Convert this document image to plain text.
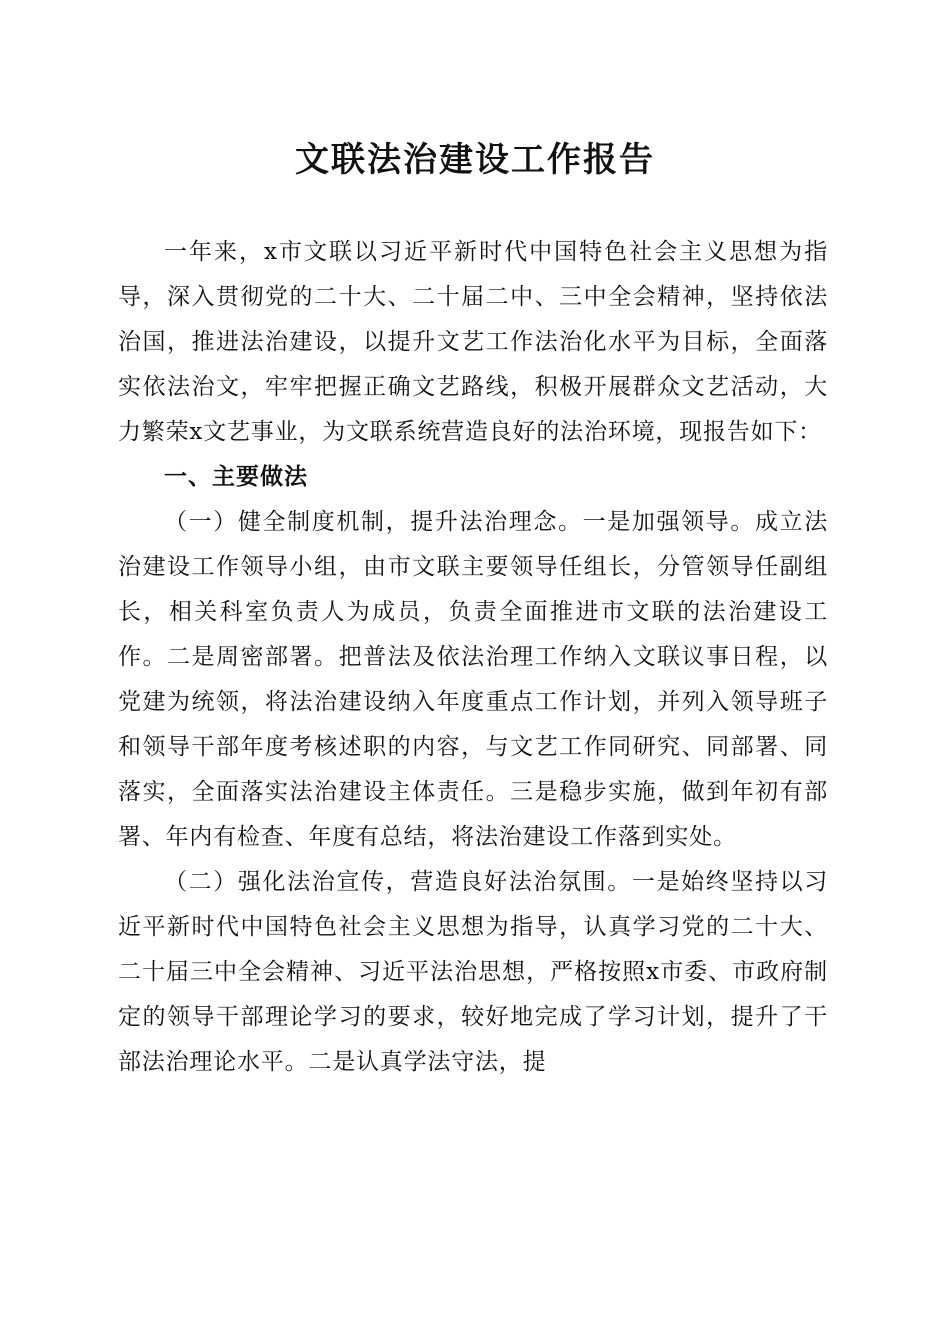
文联法治建设工作报告

一年来，x市文联以习近平新时代中国特色社会主义思想为指导，深入贯彻党的二十大、二十届二中、三中全会精神，坚持依法治国，推进法治建设，以提升文艺工作法治化水平为目标，全面落实依法治文，牢牢把握正确文艺路线，积极开展群众文艺活动，大力繁荣x文艺事业，为文联系统营造良好的法治环境，现报告如下：

一、主要做法

（一）健全制度机制，提升法治理念。一是加强领导。成立法治建设工作领导小组，由市文联主要领导任组长，分管领导任副组长，相关科室负责人为成员，负责全面推进市文联的法治建设工作。二是周密部署。把普法及依法治理工作纳入文联议事日程，以党建为统领，将法治建设纳入年度重点工作计划，并列入领导班子和领导干部年度考核述职的内容，与文艺工作同研究、同部署、同落实，全面落实法治建设主体责任。三是稳步实施，做到年初有部署、年内有检查、年度有总结，将法治建设工作落到实处。

（二）强化法治宣传，营造良好法治氛围。一是始终坚持以习近平新时代中国特色社会主义思想为指导，认真学习党的二十大、二十届三中全会精神、习近平法治思想，严格按照x市委、市政府制定的领导干部理论学习的要求，较好地完成了学习计划，提升了干部法治理论水平。二是认真学法守法，提
